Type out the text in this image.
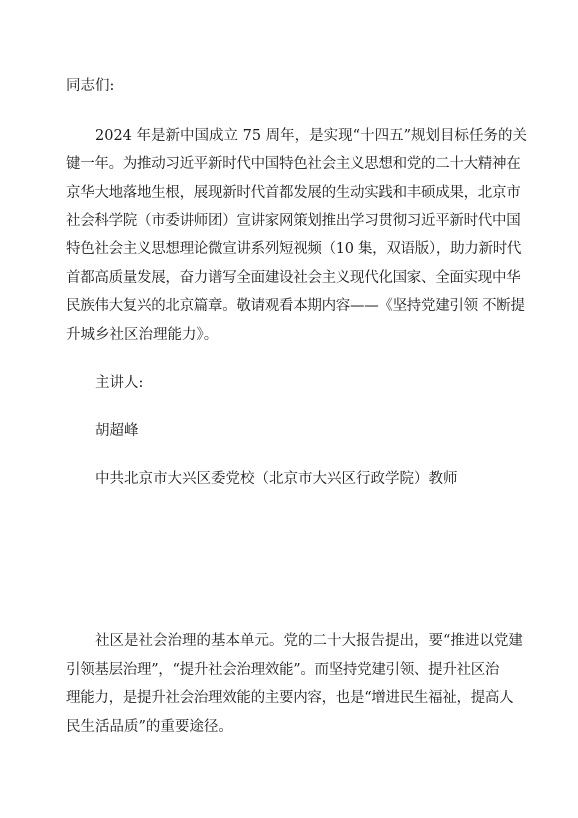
同志们:
2024 年是新中国成立 75 周年，是实现“十四五”规划目标任务的关
键一年。为推动习近平新时代中国特色社会主义思想和党的二十大精神在
京华大地落地生根，展现新时代首都发展的生动实践和丰硕成果，北京市
社会科学院（市委讲师团）宣讲家网策划推出学习贯彻习近平新时代中国
特色社会主义思想理论微宣讲系列短视频（10 集，双语版），助力新时代
首都高质量发展，奋力谱写全面建设社会主义现代化国家、全面实现中华
民族伟大复兴的北京篇章。敬请观看本期内容——《坚持党建引领 不断提
升城乡社区治理能力》。
主讲人:
胡超峰
中共北京市大兴区委党校（北京市大兴区行政学院）教师
社区是社会治理的基本单元。党的二十大报告提出，要“推进以党建
引领基层治理”，“提升社会治理效能”。而坚持党建引领、提升社区治
理能力，是提升社会治理效能的主要内容，也是“增进民生福祉，提高人
民生活品质”的重要途径。
